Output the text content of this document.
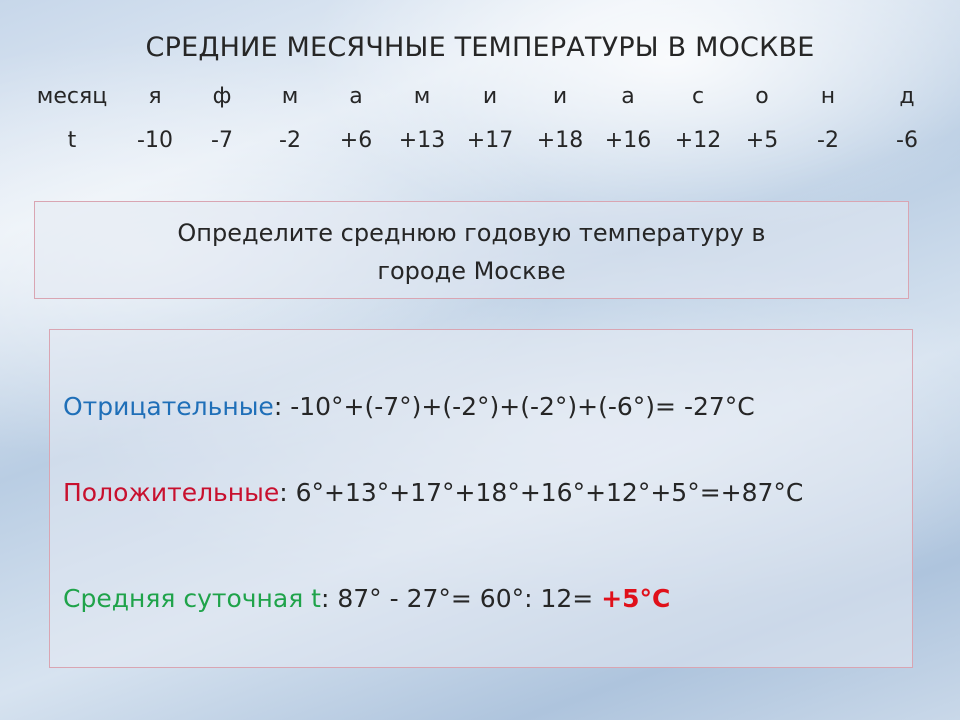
СРЕДНИЕ МЕСЯЧНЫЕ ТЕМПЕРАТУРЫ В МОСКВЕ
месяц я ф м а м и	и а	с о н	д
t	-10 -7 -2 +6 +13 +17 +18 +16 +12 +5 -2	-6

Определите среднюю годовую температуру в

городе Москве

Отрицательные: -10°+(-7°)+(-2°)+(-2°)+(-6°)= -27°С
Положительные: 6°+13°+17°+18°+16°+12°+5°=+87°С
Средняя суточная t: 87° - 27°= 60°: 12= +5°С
